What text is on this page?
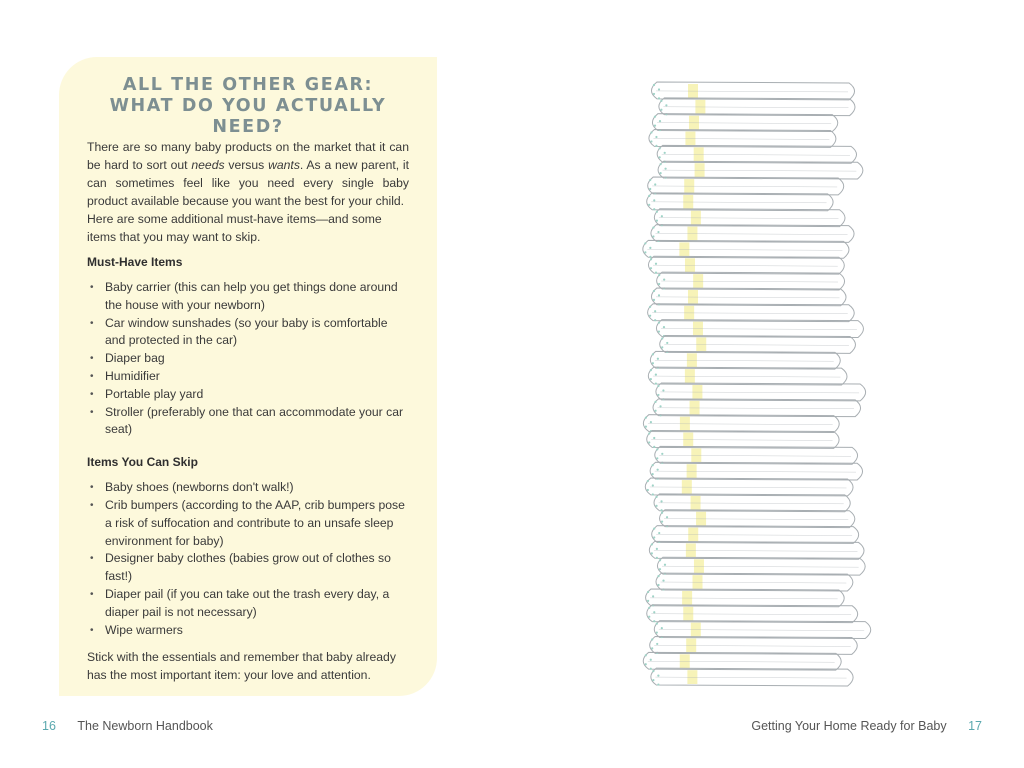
ALL THE OTHER GEAR:
WHAT DO YOU ACTUALLY NEED?

There are so many baby products on the market that it can be hard to sort out needs versus wants. As a new parent, it can sometimes feel like you need every single baby product available because you want the best for your child.

Here are some additional must-have items—and some items that you may want to skip.

Must-Have Items

• Baby carrier (this can help you get things done around the house with your newborn)
• Car window sunshades (so your baby is comfortable and protected in the car)
• Diaper bag
• Humidifier
• Portable play yard
• Stroller (preferably one that can accommodate your car seat)

Items You Can Skip

• Baby shoes (newborns don't walk!)
• Crib bumpers (according to the AAP, crib bumpers pose a risk of suffocation and contribute to an unsafe sleep environment for baby)
• Designer baby clothes (babies grow out of clothes so fast!)
• Diaper pail (if you can take out the trash every day, a diaper pail is not necessary)
• Wipe warmers

Stick with the essentials and remember that baby already has the most important item: your love and attention.

16 The Newborn Handbook	Getting Your Home Ready for Baby 17
